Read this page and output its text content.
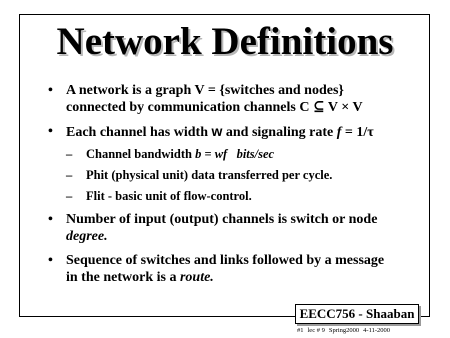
Network Definitions

• A network is a graph V = {switches and nodes}
connected by communication channels C ⊆ V × V

• Each channel has width w and signaling rate f = 1/τ

– Channel bandwidth b = wf   bits/sec

– Phit (physical unit) data transferred per cycle.

– Flit - basic unit of flow-control.

• Number of input (output) channels is switch or node
degree.

• Sequence of switches and links followed by a message
in the network is a route.

EECC756 - Shaaban
#1 lec # 9 Spring2000 4-11-2000
